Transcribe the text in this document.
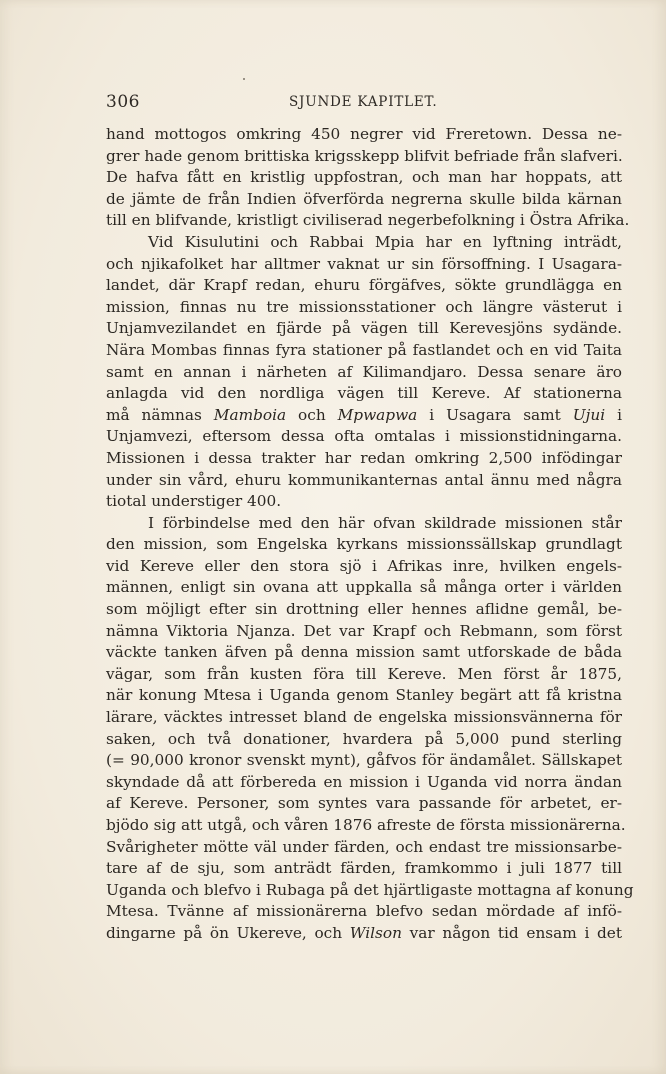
306	SJUNDE KAPITLET.
hand mottogos omkring 450 negrer vid Freretown. Dessa ne-
grer hade genom brittiska krigsskepp blifvit befriade från slafveri.
De hafva fått en kristlig uppfostran, och man har hoppats, att
de jämte de från Indien öfverförda negrerna skulle bilda kärnan
till en blifvande, kristligt civiliserad negerbefolkning i Östra Afrika.
Vid Kisulutini och Rabbai Mpia har en lyftning inträdt,
och njikafolket har alltmer vaknat ur sin försoffning. I Usagara-
landet, där Krapf redan, ehuru förgäfves, sökte grundlägga en
mission, finnas nu tre missionsstationer och längre västerut i
Unjamvezilandet en fjärde på vägen till Kerevesjöns sydände.
Nära Mombas finnas fyra stationer på fastlandet och en vid Taita
samt en annan i närheten af Kilimandjaro. Dessa senare äro
anlagda vid den nordliga vägen till Kereve. Af stationerna
må nämnas Mamboia och Mpwapwa i Usagara samt Ujui i
Unjamvezi, eftersom dessa ofta omtalas i missionstidningarna.
Missionen i dessa trakter har redan omkring 2,500 infödingar
under sin vård, ehuru kommunikanternas antal ännu med några
tiotal understiger 400.
I förbindelse med den här ofvan skildrade missionen står
den mission, som Engelska kyrkans missionssällskap grundlagt
vid Kereve eller den stora sjö i Afrikas inre, hvilken engels-
männen, enligt sin ovana att uppkalla så många orter i världen
som möjligt efter sin drottning eller hennes aflidne gemål, be-
nämna Viktoria Njanza. Det var Krapf och Rebmann, som först
väckte tanken äfven på denna mission samt utforskade de båda
vägar, som från kusten föra till Kereve. Men först år 1875,
när konung Mtesa i Uganda genom Stanley begärt att få kristna
lärare, väcktes intresset bland de engelska missionsvännerna för
saken, och två donationer, hvardera på 5,000 pund sterling
(= 90,000 kronor svenskt mynt), gåfvos för ändamålet. Sällskapet
skyndade då att förbereda en mission i Uganda vid norra ändan
af Kereve. Personer, som syntes vara passande för arbetet, er-
bjödo sig att utgå, och våren 1876 afreste de första missionärerna.
Svårigheter mötte väl under färden, och endast tre missionsarbe-
tare af de sju, som anträdt färden, framkommo i juli 1877 till
Uganda och blefvo i Rubaga på det hjärtligaste mottagna af konung
Mtesa. Tvänne af missionärerna blefvo sedan mördade af infö-
dingarne på ön Ukereve, och Wilson var någon tid ensam i det
